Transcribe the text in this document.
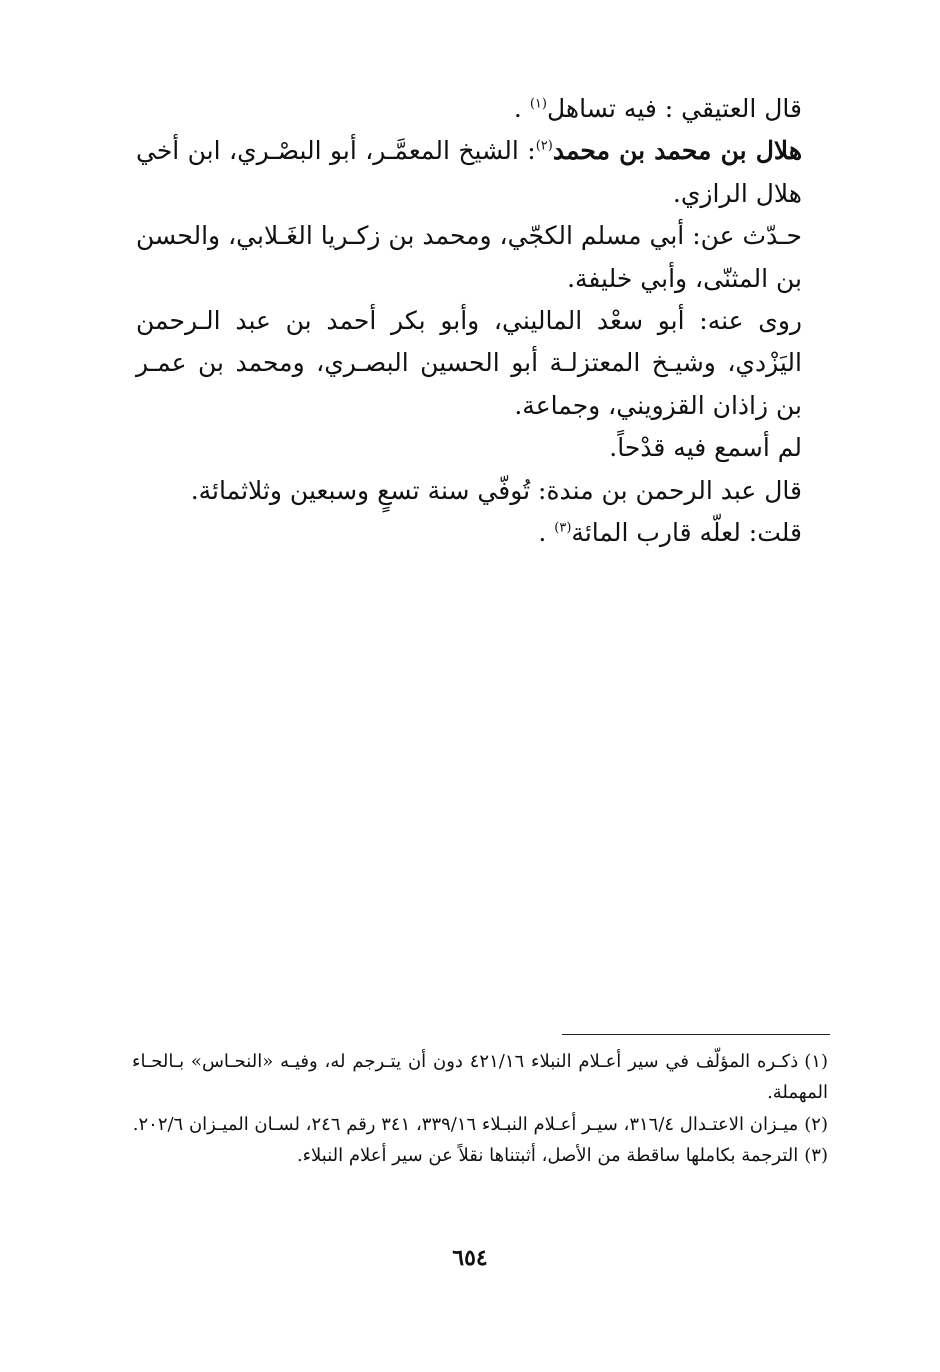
قال العتيقي : فيه تساهل$^{(١)}$ .

هلال بن محمد بن محمد$^{(٢)}$: الشيخ المعمَّـر، أبو البصْـري، ابن أخي هلال الرازي.

حـدّث عن: أبي مسلم الكجّي، ومحمد بن زكـريا الغَـلابي، والحسن بن المثنّى، وأبي خليفة.

روى عنه: أبو سعْد الماليني، وأبو بكر أحمد بن عبد الـرحمن اليَزْدي، وشيـخ المعتزلـة أبو الحسين البصـري، ومحمد بن عمـر بن زاذان القزويني، وجماعة.

لم أسمع فيه قدْحاً.

قال عبد الرحمن بن مندة: تُوفّي سنة تسعٍ وسبعين وثلاثمائة.

قلت: لعلّه قارب المائة$^{(٣)}$ .

(١)ذكـره المؤلّف في سير أعـلام النبلاء ٤٢١/١٦ دون أن يتـرجم له، وفيـه «النحـاس» بـالحـاء المهملة.

(٢)ميـزان الاعتـدال ٣١٦/٤، سيـر أعـلام النبـلاء ٣٣٩/١٦، ٣٤١ رقم ٢٤٦، لسـان الميـزان ٢٠٢/٦.

(٣)الترجمة بكاملها ساقطة من الأصل، أثبتناها نقلاً عن سير أعلام النبلاء.

٦٥٤
